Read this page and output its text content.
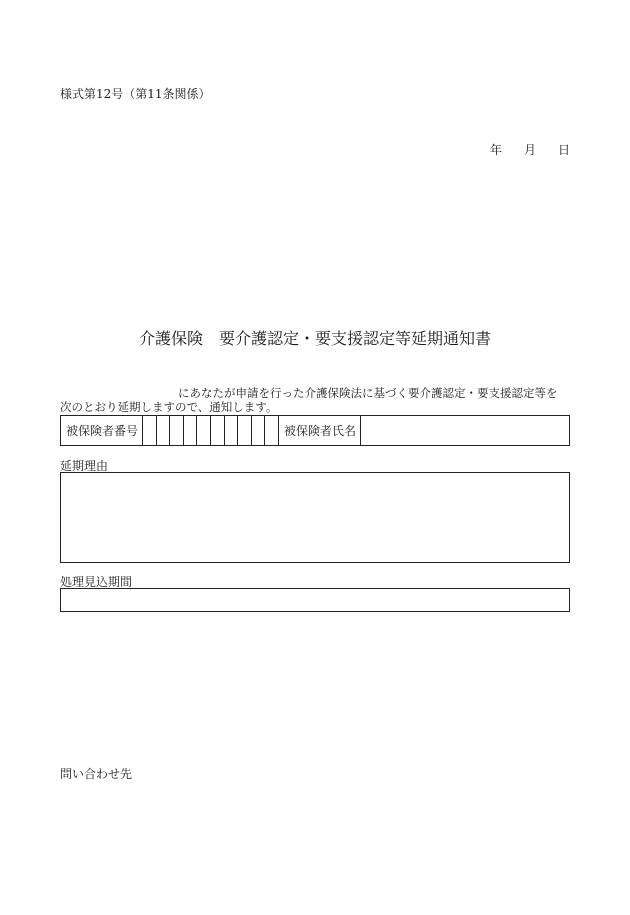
様式第12号（第11条関係）
年 月 日
介護保険　要介護認定・要支援認定等延期通知書
にあなたが申請を行った介護保険法に基づく要介護認定・要支援認定等を
次のとおり延期しますので、通知します。
被保険者番号	被保険者氏名
延期理由
処理見込期間
問い合わせ先
